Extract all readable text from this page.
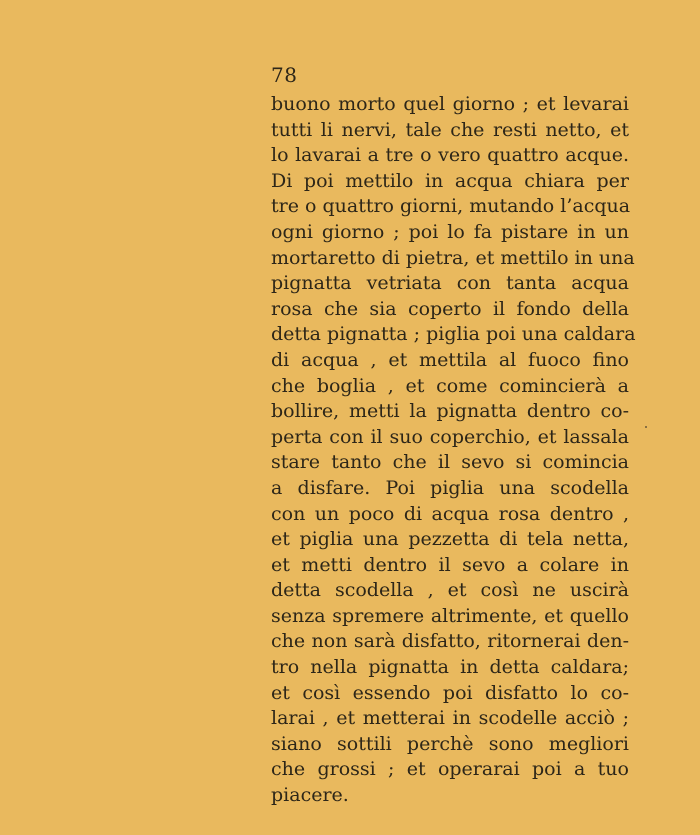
78
buono morto quel giorno ; et levarai
tutti li nervi, tale che resti netto, et
lo lavarai a tre o vero quattro acque.
Di poi mettilo in acqua chiara per
tre o quattro giorni, mutando l’acqua
ogni giorno ; poi lo fa pistare in un
mortaretto di pietra, et mettilo in una
pignatta vetriata con tanta acqua
rosa che sia coperto il fondo della
detta pignatta ; piglia poi una caldara
di acqua , et mettila al fuoco fino
che boglia , et come comincierà a
bollire, metti la pignatta dentro co-
perta con il suo coperchio, et lassala
stare tanto che il sevo si comincia
a disfare. Poi piglia una scodella
con un poco di acqua rosa dentro ,
et piglia una pezzetta di tela netta,
et metti dentro il sevo a colare in
detta scodella , et così ne uscirà
senza spremere altrimente, et quello
che non sarà disfatto, ritornerai den-
tro nella pignatta in detta caldara;
et così essendo poi disfatto lo co-
larai , et metterai in scodelle acciò ;
siano sottili perchè sono megliori
che grossi ; et operarai poi a tuo
piacere.
